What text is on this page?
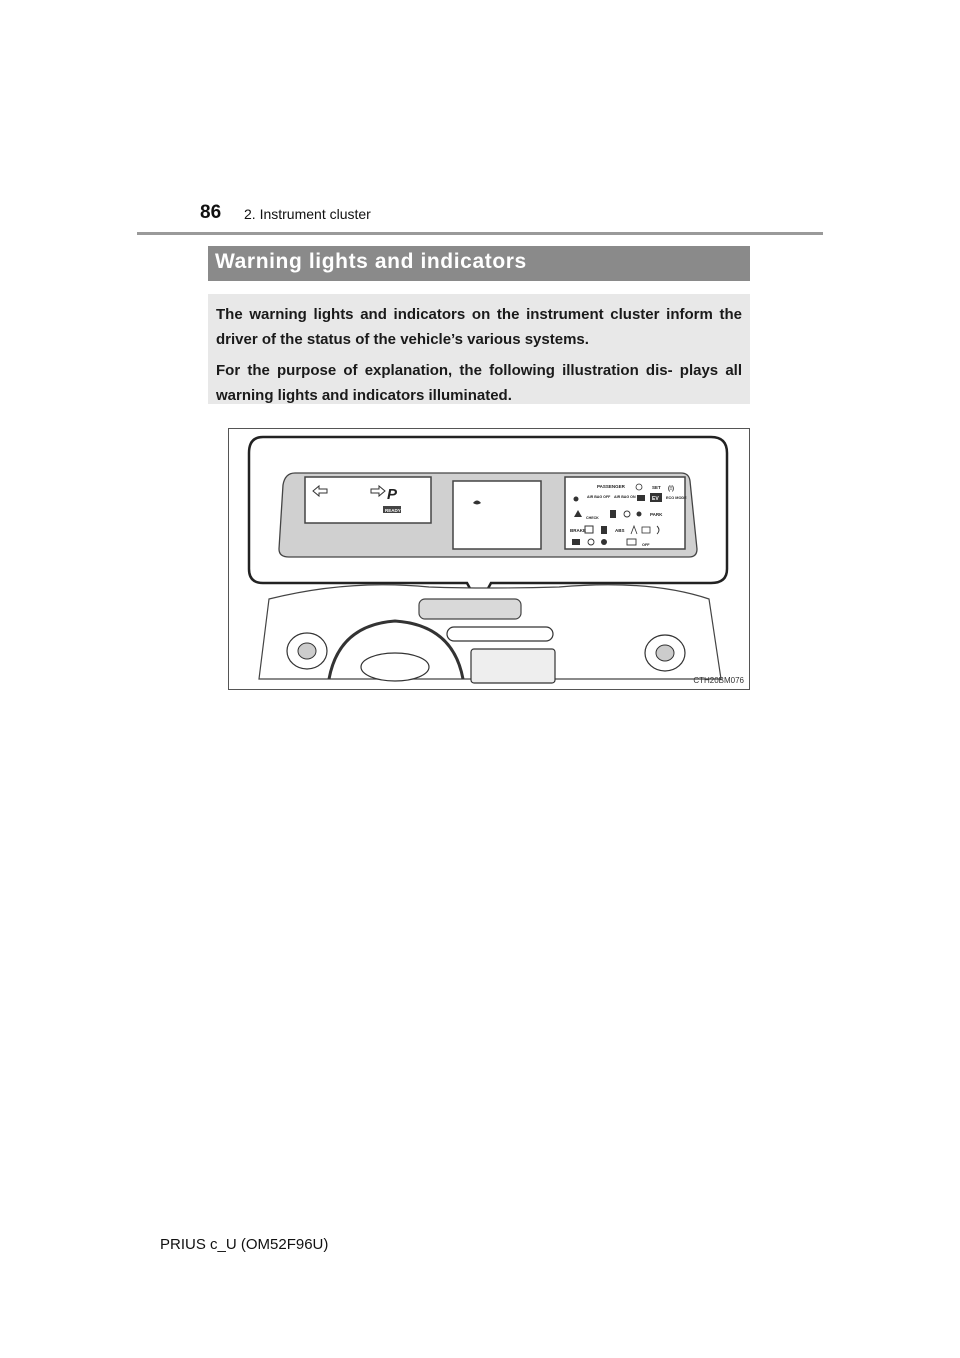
86 2. Instrument cluster
Warning lights and indicators

The warning lights and indicators on the instrument cluster inform the driver of the status of the vehicle’s various systems.

For the purpose of explanation, the following illustration dis- plays all warning lights and indicators illuminated.

P
READY
PASSENGER	SET (!)
AIR BAG OFF AIR BAG ON	EV ECO MODE
CHECK
PARK
BRAKE	ABS
OFF
CTH20BM076
PRIUS c_U (OM52F96U)
